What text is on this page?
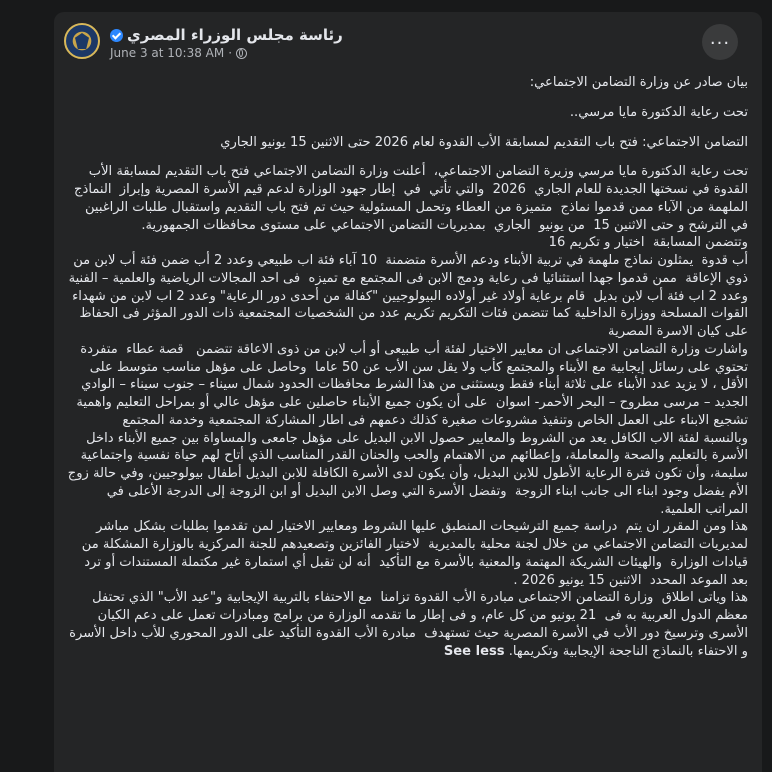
رئاسة مجلس الوزراء المصري
June 3 at 10:38 AM ·
...

بيان صادر عن وزارة التضامن الاجتماعي:

تحت رعاية الدكتورة مايا مرسي..

التضامن الاجتماعي: فتح باب التقديم لمسابقة الأب القدوة لعام 2026 حتى الاثنين 15 يونيو الجاري

تحت رعاية الدكتورة مايا مرسي وزيرة التضامن الاجتماعي،  أعلنت وزارة التضامن الاجتماعي فتح باب التقديم لمسابقة الأب القدوة في نسختها الجديدة للعام الجاري  2026  والتي تأتي  في  إطار جهود الوزارة لدعم قيم الأسرة المصرية وإبراز  النماذج الملهمة من الآباء ممن قدموا نماذج  متميزة من العطاء وتحمل المسئولية حيث تم فتح باب التقديم واستقبال طلبات الراغبين في الترشح و حتى الاثنين 15  من يونيو  الجاري  بمديريات التضامن الاجتماعي على مستوى محافظات الجمهورية.
وتتضمن المسابقة  اختيار و تكريم 16
أب قدوة  يمثلون نماذج ملهمة في تربية الأبناء ودعم الأسرة متضمنة  10 آباء فئة اب طبيعي وعدد 2 أب ضمن فئة أب لابن من ذوي الإعاقة  ممن قدموا جهدا استثنائيا فى رعاية ودمج الابن فى المجتمع مع تميزه  فى احد المجالات الرياضية والعلمية – الفنية  وعدد 2 اب فئة أب لابن بديل  قام برعاية أولاد غير أولاده البيولوجيين "كفالة من أحدى دور الرعاية" وعدد 2 اب لابن من شهداء القوات المسلحة ووزارة الداخلية كما تتضمن فئات التكريم تكريم عدد من الشخصيات المجتمعية ذات الدور المؤثر فى الحفاظ على كيان الاسرة المصرية
واشارت وزارة التضامن الاجتماعى ان معايير الاختيار لفئة أب طبيعى أو أب لابن من ذوى الاعاقة تتضمن   قصة عطاء  متفردة  تحتوي على رسائل إيجابية مع الأبناء والمجتمع كأب ولا يقل سن الأب عن 50 عاما  وحاصل على مؤهل مناسب متوسط على الأقل ، لا يزيد عدد الأبناء على ثلاثة أبناء فقط ويستثنى من هذا الشرط محافظات الحدود شمال سيناء – جنوب سيناء – الوادي الجديد – مرسى مطروح – البحر الأحمر- اسوان  على أن يكون جميع الأبناء حاصلين على مؤهل عالي أو بمراحل التعليم واهمية تشجيع الابناء على العمل الخاص وتنفيذ مشروعات صغيرة كذلك دعمهم فى اطار المشاركة المجتمعية وخدمة المجتمع
وبالنسبة لفئة الاب الكافل يعد من الشروط والمعايير حصول الابن البديل على مؤهل جامعى والمساواة بين جميع الأبناء داخل الأسرة بالتعليم والصحة والمعاملة، وإعطائهم من الاهتمام والحب والحنان القدر المناسب الذي أتاح لهم حياة نفسية واجتماعية سليمة، وأن تكون فترة الرعاية الأطول للابن البديل، وأن يكون لدى الأسرة الكافلة للابن البديل أطفال بيولوجيين، وفي حالة زوج الأم يفضل وجود ابناء الى جانب ابناء الزوجة  وتفضل الأسرة التي وصل الابن البديل أو ابن الزوجة إلى الدرجة الأعلى في المراتب العلمية.
هذا ومن المقرر ان يتم  دراسة جميع الترشيحات المنطبق عليها الشروط ومعايير الاختيار لمن تقدموا بطلبات بشكل مباشر لمديريات التضامن الاجتماعي من خلال لجنة محلية بالمديرية  لاختيار الفائزين وتصعيدهم للجنة المركزية بالوزارة المشكلة من قيادات الوزارة  والهيئات الشريكة المهتمة والمعنية بالأسرة مع التأكيد  أنه لن تقبل أي استمارة غير مكتملة المستندات أو ترد بعد الموعد المحدد  الاثنين 15 يونيو 2026 .
هذا وياتى اطلاق  وزارة التضامن الاجتماعى مبادرة الأب القدوة تزامنا  مع الاحتفاء بالتربية الإيجابية و"عيد الأب" الذي تحتفل معظم الدول العربية به فى  21 يونيو من كل عام، و فى إطار ما تقدمه الوزارة من برامج ومبادرات تعمل على دعم الكيان الأسرى وترسيخ دور الأب في الأسرة المصرية حيث تستهدف  مبادرة الأب القدوة التأكيد على الدور المحوري للأب داخل الأسرة و الاحتفاء بالنماذج الناجحة الإيجابية وتكريمها. See less
